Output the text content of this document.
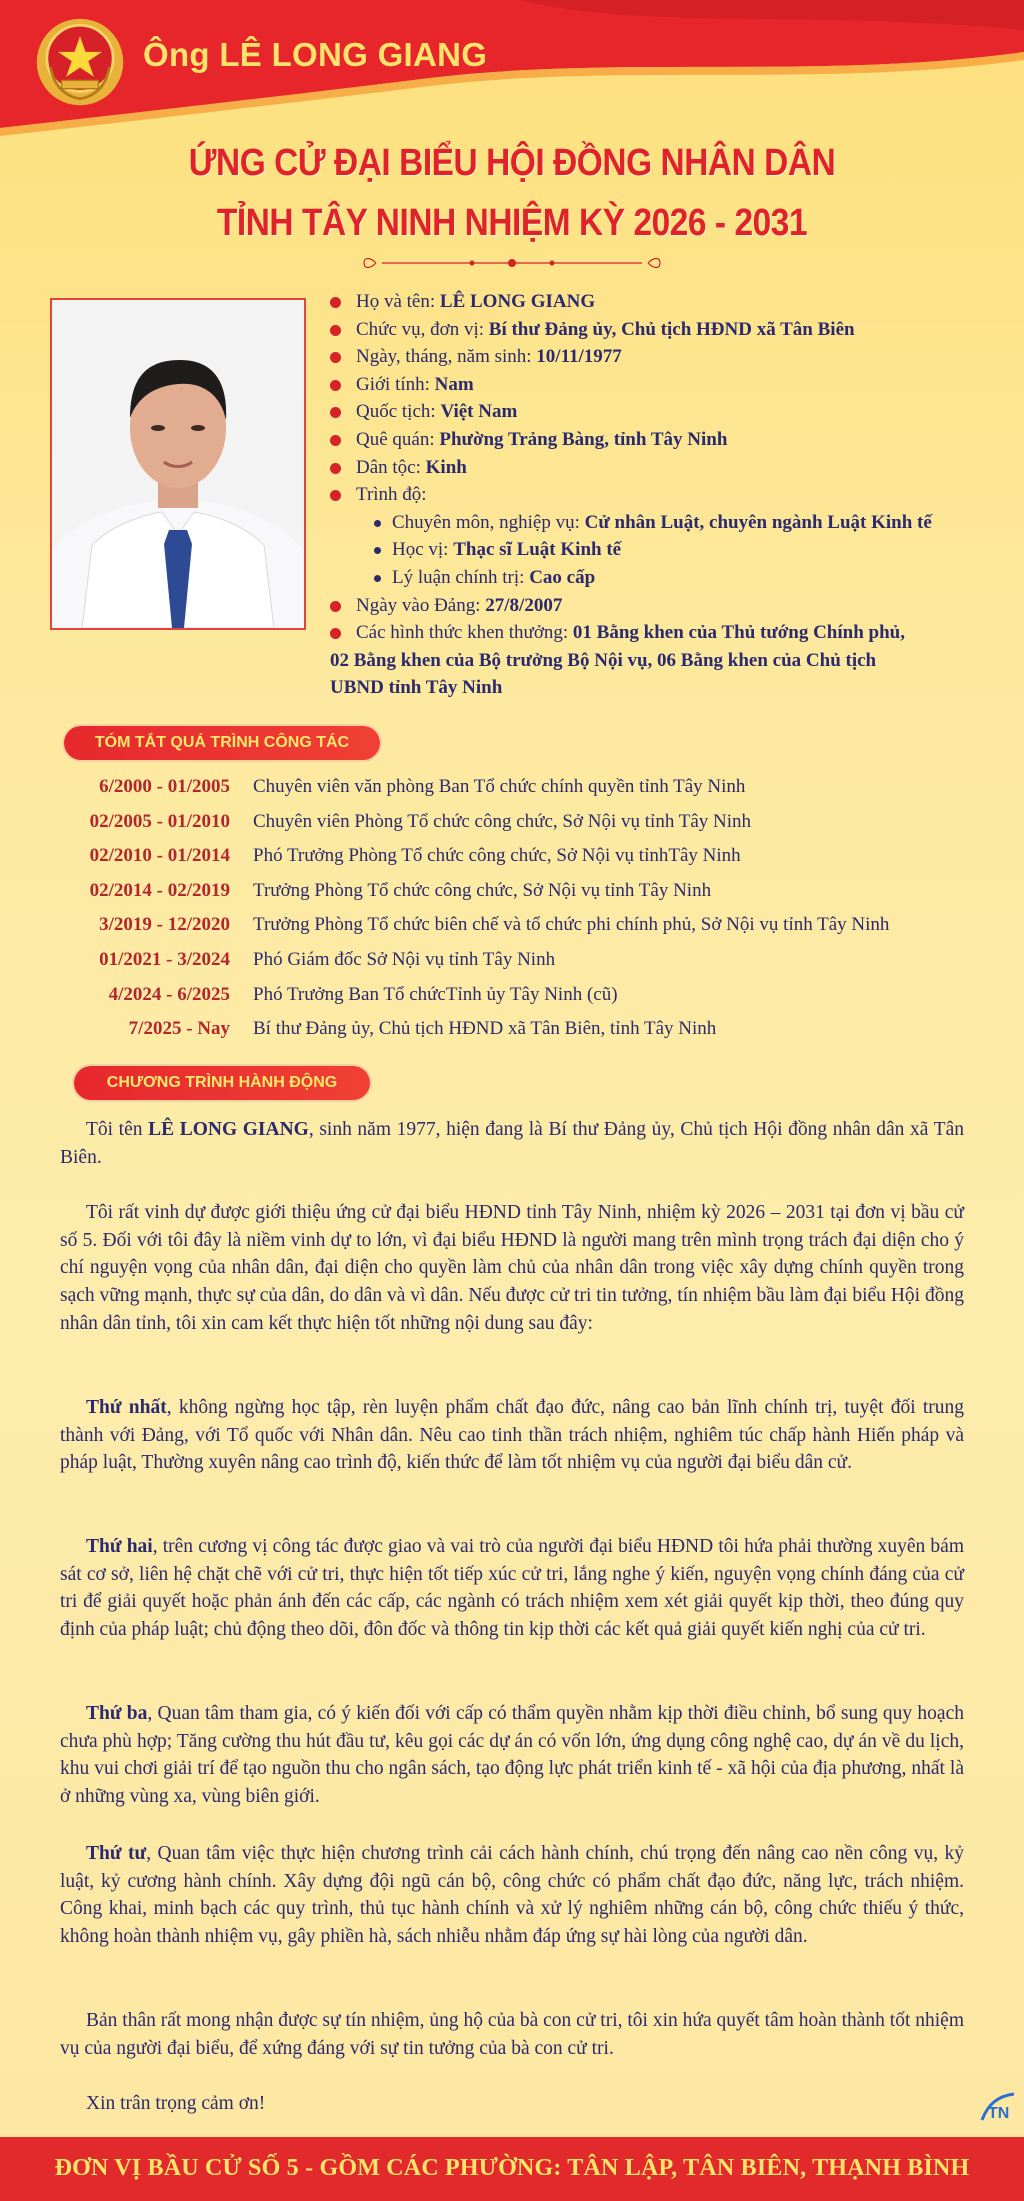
Ông LÊ LONG GIANG
ỨNG CỬ ĐẠI BIỂU HỘI ĐỒNG NHÂN DÂN
TỈNH TÂY NINH NHIỆM KỲ 2026 - 2031
Họ và tên: LÊ LONG GIANG
Chức vụ, đơn vị: Bí thư Đảng ủy, Chủ tịch HĐND xã Tân Biên
Ngày, tháng, năm sinh: 10/11/1977
Giới tính: Nam
Quốc tịch: Việt Nam
Quê quán: Phường Trảng Bàng, tỉnh Tây Ninh
Dân tộc: Kinh
Trình độ:
Chuyên môn, nghiệp vụ: Cử nhân Luật, chuyên ngành Luật Kinh tế
Học vị: Thạc sĩ Luật Kinh tế
Lý luận chính trị: Cao cấp
Ngày vào Đảng: 27/8/2007
Các hình thức khen thưởng: 01 Bằng khen của Thủ tướng Chính phủ,
02 Bằng khen của Bộ trưởng Bộ Nội vụ, 06 Bằng khen của Chủ tịch
UBND tỉnh Tây Ninh
TÓM TẮT QUÁ TRÌNH CÔNG TÁC
6/2000 - 01/2005 Chuyên viên văn phòng Ban Tổ chức chính quyền tỉnh Tây Ninh
02/2005 - 01/2010 Chuyên viên Phòng Tổ chức công chức, Sở Nội vụ tỉnh Tây Ninh
02/2010 - 01/2014 Phó Trưởng Phòng Tổ chức công chức, Sở Nội vụ tỉnhTây Ninh
02/2014 - 02/2019 Trưởng Phòng Tổ chức công chức, Sở Nội vụ tỉnh Tây Ninh
3/2019 - 12/2020 Trưởng Phòng Tổ chức biên chế và tổ chức phi chính phủ, Sở Nội vụ tỉnh Tây Ninh
01/2021 - 3/2024 Phó Giám đốc Sở Nội vụ tỉnh Tây Ninh
4/2024 - 6/2025 Phó Trưởng Ban Tổ chứcTỉnh ủy Tây Ninh (cũ)
7/2025 - Nay Bí thư Đảng ủy, Chủ tịch HĐND xã Tân Biên, tỉnh Tây Ninh
CHƯƠNG TRÌNH HÀNH ĐỘNG

Tôi tên LÊ LONG GIANG, sinh năm 1977, hiện đang là Bí thư Đảng ủy, Chủ tịch Hội đồng nhân dân xã Tân Biên.

Tôi rất vinh dự được giới thiệu ứng cử đại biểu HĐND tỉnh Tây Ninh, nhiệm kỳ 2026 – 2031 tại đơn vị bầu cử số 5. Đối với tôi đây là niềm vinh dự to lớn, vì đại biểu HĐND là người mang trên mình trọng trách đại diện cho ý chí nguyện vọng của nhân dân, đại diện cho quyền làm chủ của nhân dân trong việc xây dựng chính quyền trong sạch vững mạnh, thực sự của dân, do dân và vì dân. Nếu được cử tri tin tưởng, tín nhiệm bầu làm đại biểu Hội đồng nhân dân tỉnh, tôi xin cam kết thực hiện tốt những nội dung sau đây:

Thứ nhất, không ngừng học tập, rèn luyện phẩm chất đạo đức, nâng cao bản lĩnh chính trị, tuyệt đối trung thành với Đảng, với Tổ quốc với Nhân dân. Nêu cao tinh thần trách nhiệm, nghiêm túc chấp hành Hiến pháp và pháp luật, Thường xuyên nâng cao trình độ, kiến thức để làm tốt nhiệm vụ của người đại biểu dân cử.

Thứ hai, trên cương vị công tác được giao và vai trò của người đại biểu HĐND tôi hứa phải thường xuyên bám sát cơ sở, liên hệ chặt chẽ với cử tri, thực hiện tốt tiếp xúc cử tri, lắng nghe ý kiến, nguyện vọng chính đáng của cử tri để giải quyết hoặc phản ánh đến các cấp, các ngành có trách nhiệm xem xét giải quyết kịp thời, theo đúng quy định của pháp luật; chủ động theo dõi, đôn đốc và thông tin kịp thời các kết quả giải quyết kiến nghị của cử tri.

Thứ ba, Quan tâm tham gia, có ý kiến đối với cấp có thẩm quyền nhằm kịp thời điều chỉnh, bổ sung quy hoạch chưa phù hợp; Tăng cường thu hút đầu tư, kêu gọi các dự án có vốn lớn, ứng dụng công nghệ cao, dự án về du lịch, khu vui chơi giải trí để tạo nguồn thu cho ngân sách, tạo động lực phát triển kinh tế - xã hội của địa phương, nhất là ở những vùng xa, vùng biên giới.

Thứ tư, Quan tâm việc thực hiện chương trình cải cách hành chính, chú trọng đến nâng cao nền công vụ, kỷ luật, kỷ cương hành chính. Xây dựng đội ngũ cán bộ, công chức có phẩm chất đạo đức, năng lực, trách nhiệm. Công khai, minh bạch các quy trình, thủ tục hành chính và xử lý nghiêm những cán bộ, công chức thiếu ý thức, không hoàn thành nhiệm vụ, gây phiền hà, sách nhiễu nhằm đáp ứng sự hài lòng của người dân.

Bản thân rất mong nhận được sự tín nhiệm, ủng hộ của bà con cử tri, tôi xin hứa quyết tâm hoàn thành tốt nhiệm vụ của người đại biểu, để xứng đáng với sự tin tưởng của bà con cử tri.

Xin trân trọng cảm ơn!	TN
ĐƠN VỊ BẦU CỬ SỐ 5 - GỒM CÁC PHƯỜNG: TÂN LẬP, TÂN BIÊN, THẠNH BÌNH
